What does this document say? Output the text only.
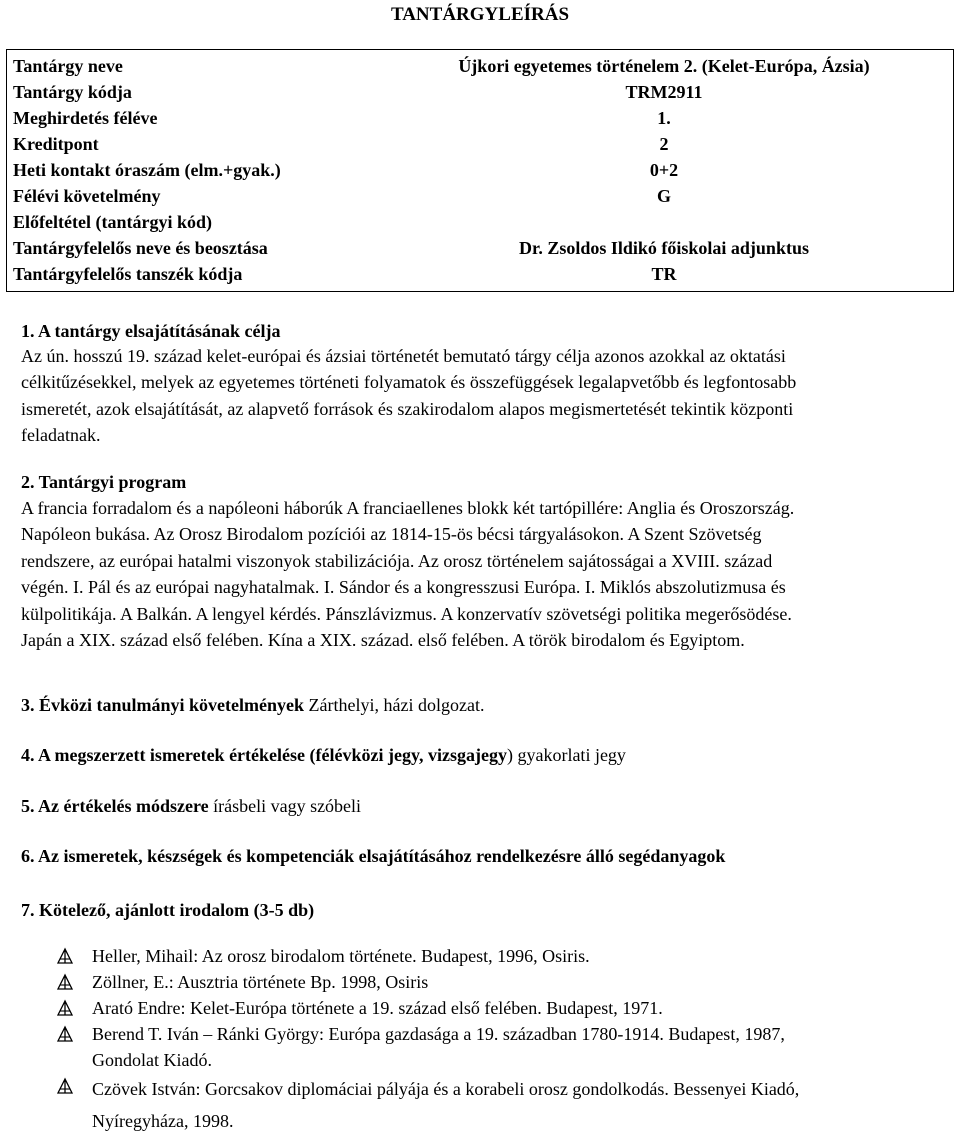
TANTÁRGYLEÍRÁS
Tantárgy neve	Újkori egyetemes történelem 2. (Kelet-Európa, Ázsia)
Tantárgy kódja	TRM2911
Meghirdetés féléve	1.
Kreditpont	2
Heti kontakt óraszám (elm.+gyak.)	0+2
Félévi követelmény	G
Előfeltétel (tantárgyi kód)
Tantárgyfelelős neve és beosztása	Dr. Zsoldos Ildikó főiskolai adjunktus
Tantárgyfelelős tanszék kódja	TR
1. A tantárgy elsajátításának célja
Az ún. hosszú 19. század kelet-európai és ázsiai történetét bemutató tárgy célja azonos azokkal az oktatási
célkitűzésekkel, melyek az egyetemes történeti folyamatok és összefüggések legalapvetőbb és legfontosabb
ismeretét, azok elsajátítását, az alapvető források és szakirodalom alapos megismertetését tekintik központi
feladatnak.
2. Tantárgyi program
A francia forradalom és a napóleoni háborúk A franciaellenes blokk két tartópillére: Anglia és Oroszország.
Napóleon bukása. Az Orosz Birodalom pozíciói az 1814-15-ös bécsi tárgyalásokon. A Szent Szövetség
rendszere, az európai hatalmi viszonyok stabilizációja. Az orosz történelem sajátosságai a XVIII. század
végén. I. Pál és az európai nagyhatalmak. I. Sándor és a kongresszusi Európa. I. Miklós abszolutizmusa és
külpolitikája. A Balkán. A lengyel kérdés. Pánszlávizmus. A konzervatív szövetségi politika megerősödése.
Japán a XIX. század első felében. Kína a XIX. század. első felében. A török birodalom és Egyiptom.
3. Évközi tanulmányi követelmények Zárthelyi, házi dolgozat.
4. A megszerzett ismeretek értékelése (félévközi jegy, vizsgajegy) gyakorlati jegy
5. Az értékelés módszere írásbeli vagy szóbeli
6. Az ismeretek, készségek és kompetenciák elsajátításához rendelkezésre álló segédanyagok
7. Kötelező, ajánlott irodalom (3-5 db)
Heller, Mihail: Az orosz birodalom története. Budapest, 1996, Osiris.
Zöllner, E.: Ausztria története Bp. 1998, Osiris
Arató Endre: Kelet-Európa története a 19. század első felében. Budapest, 1971.
Berend T. Iván – Ránki György: Európa gazdasága a 19. században 1780-1914. Budapest, 1987,
Gondolat Kiadó.
Czövek István: Gorcsakov diplomáciai pályája és a korabeli orosz gondolkodás. Bessenyei Kiadó,
Nyíregyháza, 1998.
